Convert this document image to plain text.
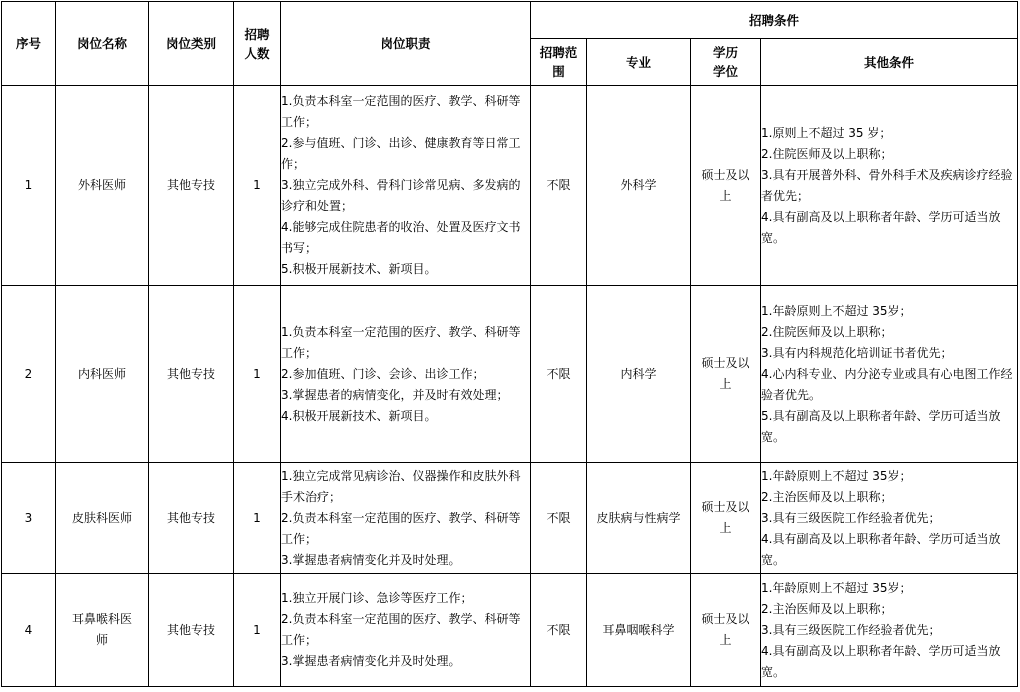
序号	岗位名称	岗位类别	招聘人数	岗位职责	招聘条件			
					招聘范围	专业	学历学位	其他条件
1	外科医师	其他专技	1	1.负责本科室一定范围的医疗、教学、科研等工作；
2.参与值班、门诊、出诊、健康教育等日常工作；
3.独立完成外科、骨科门诊常见病、多发病的诊疗和处置；
4.能够完成住院患者的收治、处置及医疗文书书写；
5.积极开展新技术、新项目。	不限	外科学	硕士及以上	1.原则上不超过 35 岁；
2.住院医师及以上职称；
3.具有开展普外科、骨外科手术及疾病诊疗经验者优先；
4.具有副高及以上职称者年龄、学历可适当放宽。

2	内科医师	其他专技	1	1.负责本科室一定范围的医疗、教学、科研等工作；
2.参加值班、门诊、会诊、出诊工作；
3.掌握患者的病情变化，并及时有效处理；
4.积极开展新技术、新项目。	不限	内科学	硕士及以上	1.年龄原则上不超过 35岁；
2.住院医师及以上职称；
3.具有内科规范化培训证书者优先；
4.心内科专业、内分泌专业或具有心电图工作经验者优先。
5.具有副高及以上职称者年龄、学历可适当放宽。

3	皮肤科医师	其他专技	1	1.独立完成常见病诊治、仪器操作和皮肤外科手术治疗；
2.负责本科室一定范围的医疗、教学、科研等工作；
3.掌握患者病情变化并及时处理。	不限	皮肤病与性病学	硕士及以上	1.年龄原则上不超过 35岁；
2.主治医师及以上职称；
3.具有三级医院工作经验者优先；
4.具有副高及以上职称者年龄、学历可适当放宽。

4	耳鼻喉科医师	其他专技	1	1.独立开展门诊、急诊等医疗工作；
2.负责本科室一定范围的医疗、教学、科研等工作；
3.掌握患者病情变化并及时处理。	不限	耳鼻咽喉科学	硕士及以上	1.年龄原则上不超过 35岁；
2.主治医师及以上职称；
3.具有三级医院工作经验者优先；
4.具有副高及以上职称者年龄、学历可适当放宽。
